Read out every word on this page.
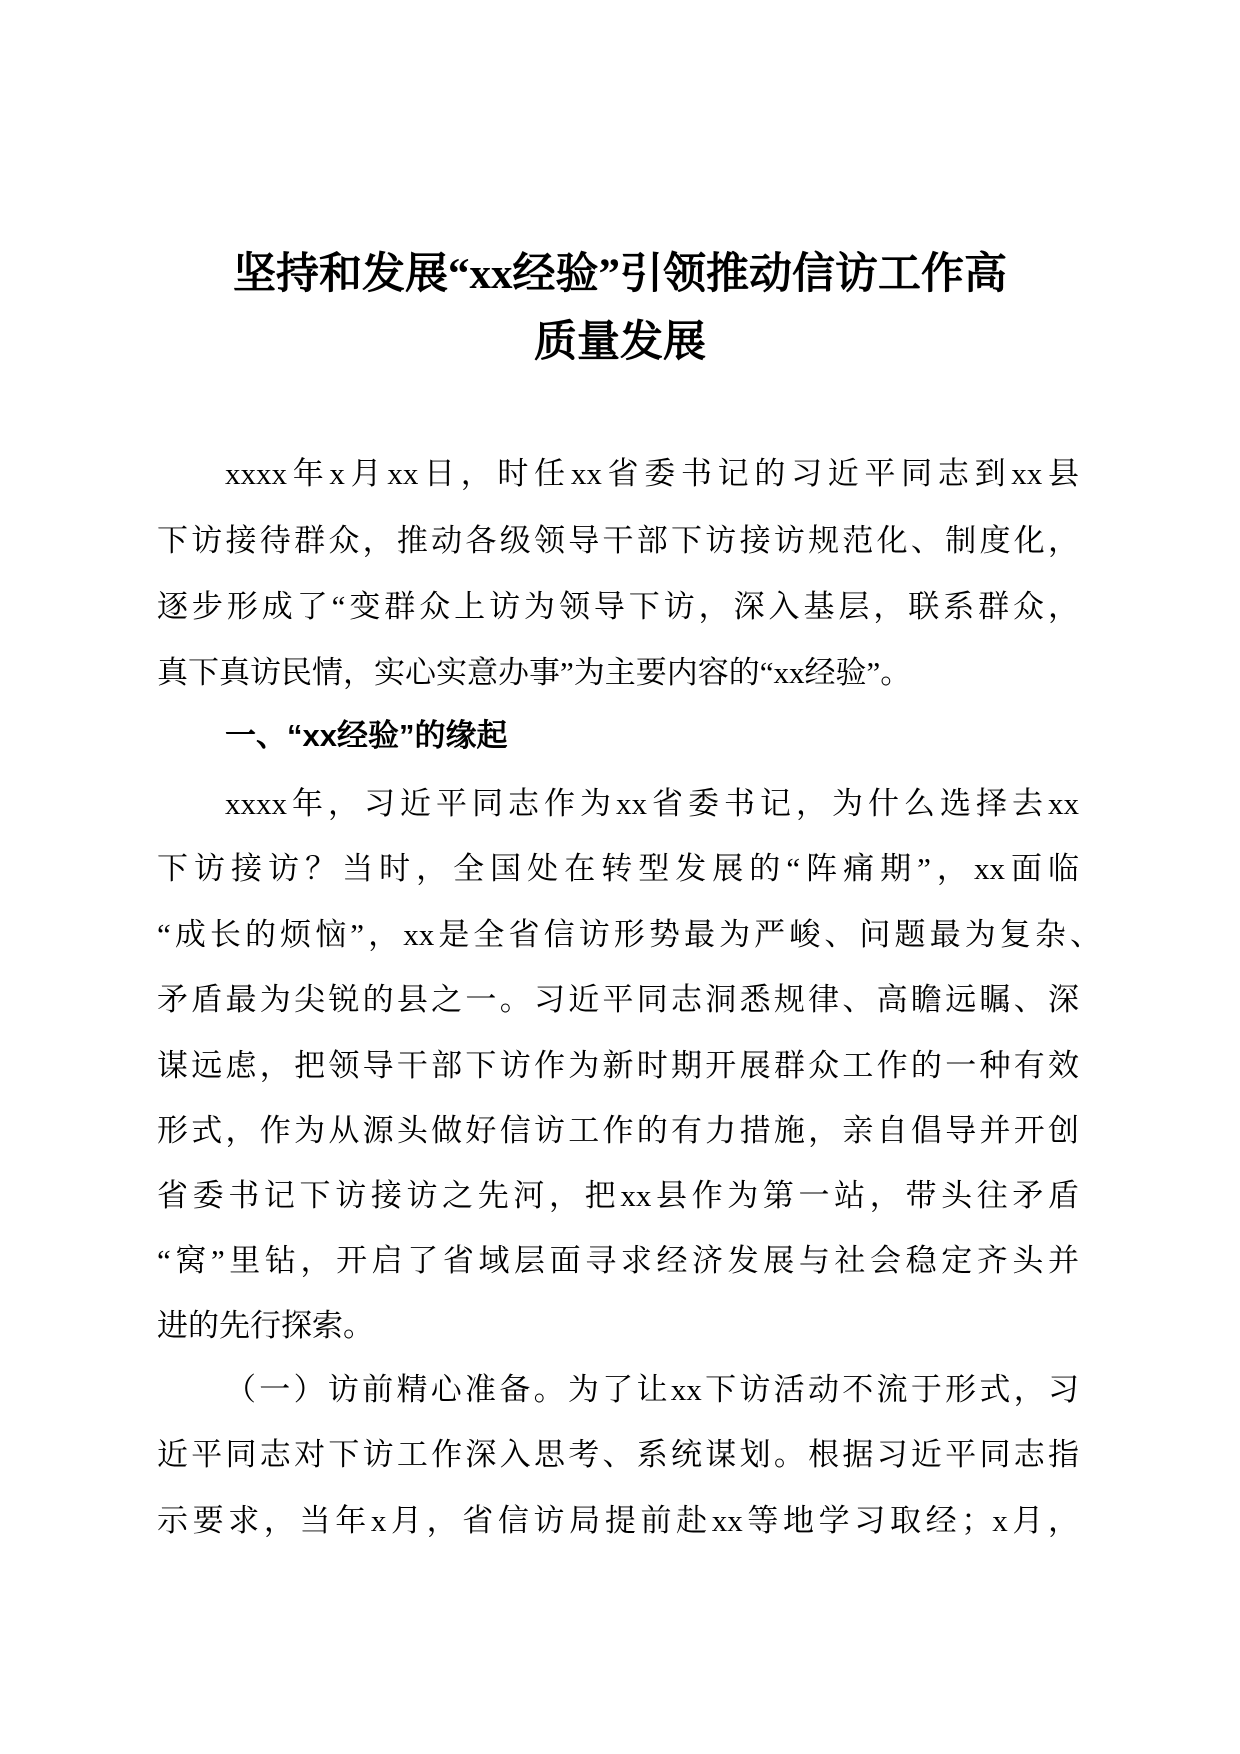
坚持和发展“xx经验”引领推动信访工作高
质量发展
xxxx年x月xx日，时任xx省委书记的习近平同志到xx县
下访接待群众，推动各级领导干部下访接访规范化、制度化，
逐步形成了“变群众上访为领导下访，深入基层，联系群众，
真下真访民情，实心实意办事”为主要内容的“xx经验”。
一、“xx经验”的缘起
xxxx年，习近平同志作为xx省委书记，为什么选择去xx
下访接访？当时，全国处在转型发展的“阵痛期”，xx面临
“成长的烦恼”，xx是全省信访形势最为严峻、问题最为复杂、
矛盾最为尖锐的县之一。习近平同志洞悉规律、高瞻远瞩、深
谋远虑，把领导干部下访作为新时期开展群众工作的一种有效
形式，作为从源头做好信访工作的有力措施，亲自倡导并开创
省委书记下访接访之先河，把xx县作为第一站，带头往矛盾
“窝”里钻，开启了省域层面寻求经济发展与社会稳定齐头并
进的先行探索。
（一）访前精心准备。为了让xx下访活动不流于形式，习
近平同志对下访工作深入思考、系统谋划。根据习近平同志指
示要求，当年x月，省信访局提前赴xx等地学习取经；x月，
